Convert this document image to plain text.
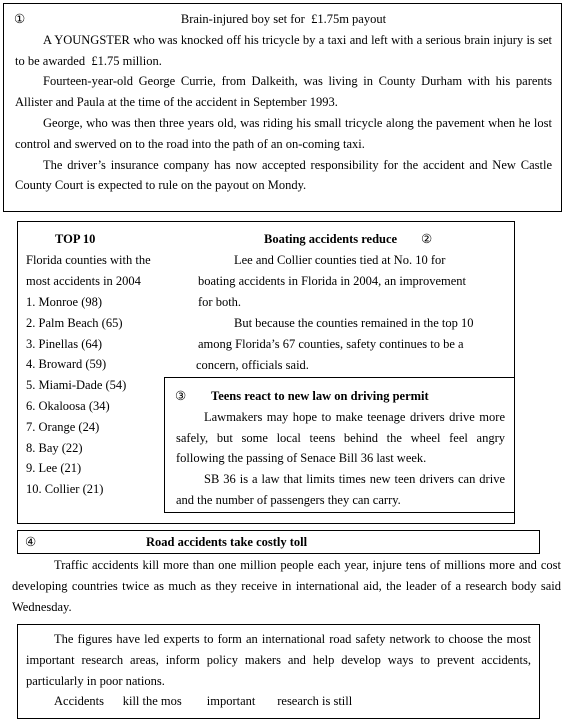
①	Brain-injured boy set for  £1.75m payout

A YOUNGSTER who was knocked off his tricycle by a taxi and left with a serious brain injury is set to be awarded  £1.75 million.

Fourteen-year-old George Currie, from Dalkeith, was living in County Durham with his parents Allister and Paula at the time of the accident in September 1993.

George, who was then three years old, was riding his small tricycle along the pavement when he lost control and swerved on to the road into the path of an on-coming taxi.

The driver’s insurance company has now accepted responsibility for the accident and New Castle County Court is expected to rule on the payout on Mondy.

TOP 10
Florida counties with the
most accidents in 2004
1. Monroe (98)
2. Palm Beach (65)
3. Pinellas (64)
4. Broward (59)
5. Miami-Dade (54)
6. Okaloosa (34)
7. Orange (24)
8. Bay (22)
9. Lee (21)
10. Collier (21)
Boating accidents reduce ②
Lee and Collier counties tied at No. 10 for
boating accidents in Florida in 2004, an improvement
for both.
But because the counties remained in the top 10
among Florida’s 67 counties, safety continues to be a
concern, officials said.
③	Teens react to new law on driving permit

Lawmakers may hope to make teenage drivers drive more safely, but some local teens behind the wheel feel angry following the passing of Senace Bill 36 last week.

SB 36 is a law that limits times new teen drivers can drive and the number of passengers they can carry.

④	Road accidents take costly toll

Traffic accidents kill more than one million people each year, injure tens of millions more and cost developing countries twice as much as they receive in international aid, the leader of a research body said Wednesday.

The figures have led experts to form an international road safety network to choose the most important research areas, inform policy makers and help develop ways to prevent accidents, particularly in poor nations.

Accidents      kill the mos        important       research is still
